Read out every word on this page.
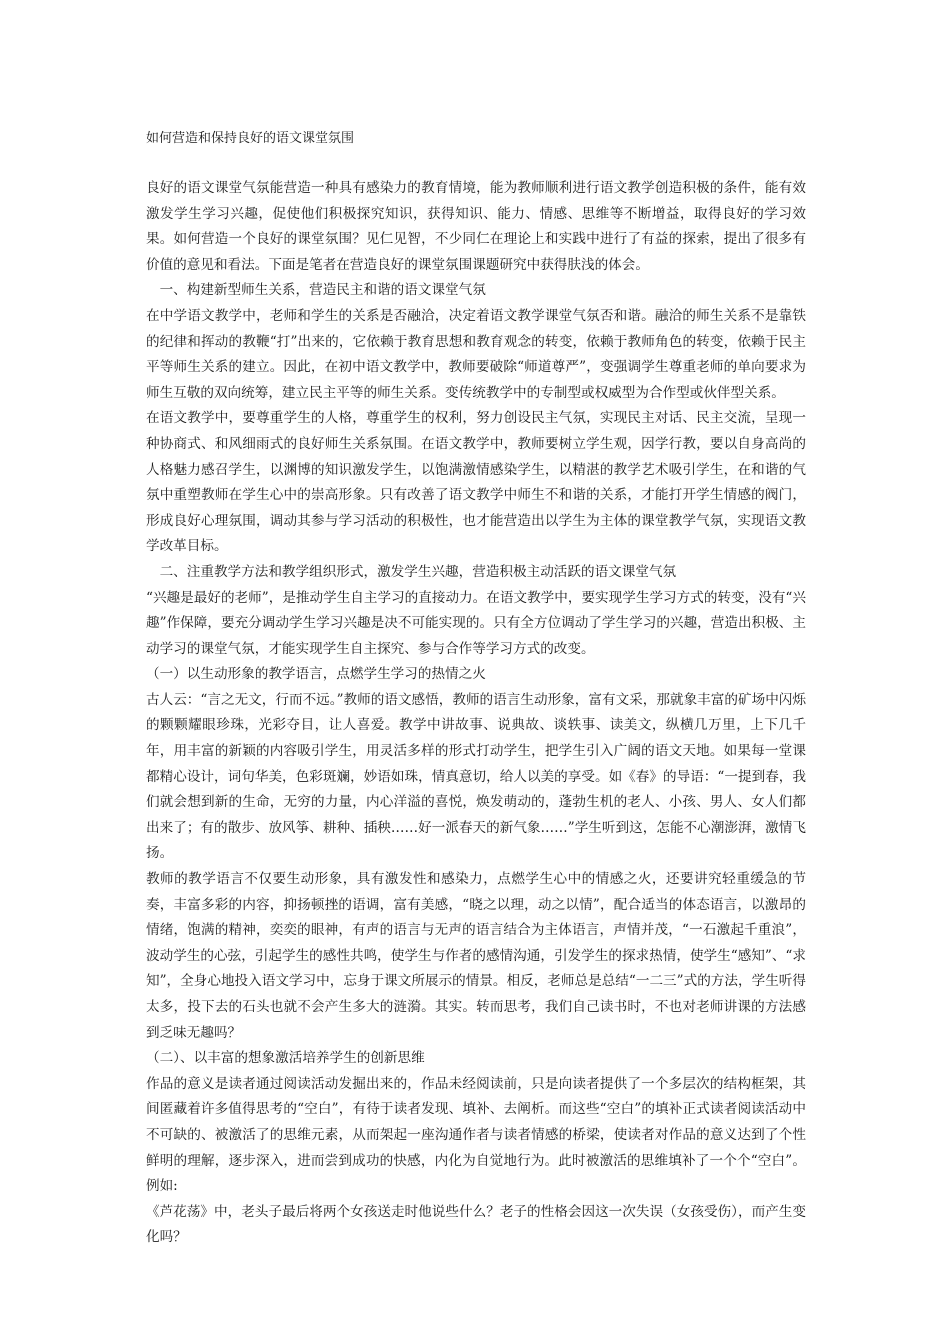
如何营造和保持良好的语文课堂氛围

良好的语文课堂气氛能营造一种具有感染力的教育情境，能为教师顺利进行语文教学创造积极的条件，能有效激发学生学习兴趣，促使他们积极探究知识，获得知识、能力、情感、思维等不断增益，取得良好的学习效果。如何营造一个良好的课堂氛围？见仁见智，不少同仁在理论上和实践中进行了有益的探索，提出了很多有价值的意见和看法。下面是笔者在营造良好的课堂氛围课题研究中获得肤浅的体会。

　一、构建新型师生关系，营造民主和谐的语文课堂气氛

在中学语文教学中，老师和学生的关系是否融洽，决定着语文教学课堂气氛否和谐。融洽的师生关系不是靠铁的纪律和挥动的教鞭“打”出来的，它依赖于教育思想和教育观念的转变，依赖于教师角色的转变，依赖于民主平等师生关系的建立。因此，在初中语文教学中，教师要破除“师道尊严”，变强调学生尊重老师的单向要求为师生互敬的双向统筹，建立民主平等的师生关系。变传统教学中的专制型或权威型为合作型或伙伴型关系。

在语文教学中，要尊重学生的人格，尊重学生的权利，努力创设民主气氛，实现民主对话、民主交流，呈现一种协商式、和风细雨式的良好师生关系氛围。在语文教学中，教师要树立学生观，因学行教，要以自身高尚的人格魅力感召学生，以渊博的知识激发学生，以饱满激情感染学生，以精湛的教学艺术吸引学生，在和谐的气氛中重塑教师在学生心中的崇高形象。只有改善了语文教学中师生不和谐的关系，才能打开学生情感的阀门，形成良好心理氛围，调动其参与学习活动的积极性，也才能营造出以学生为主体的课堂教学气氛，实现语文教学改革目标。

　二、注重教学方法和教学组织形式，激发学生兴趣，营造积极主动活跃的语文课堂气氛

“兴趣是最好的老师”，是推动学生自主学习的直接动力。在语文教学中，要实现学生学习方式的转变，没有“兴趣”作保障，要充分调动学生学习兴趣是决不可能实现的。只有全方位调动了学生学习的兴趣，营造出积极、主动学习的课堂气氛，才能实现学生自主探究、参与合作等学习方式的改变。

（一）以生动形象的教学语言，点燃学生学习的热情之火

古人云：“言之无文，行而不远。”教师的语文感悟，教师的语言生动形象，富有文采，那就象丰富的矿场中闪烁的颗颗耀眼珍珠，光彩夺目，让人喜爱。教学中讲故事、说典故、谈轶事、读美文，纵横几万里，上下几千年，用丰富的新颖的内容吸引学生，用灵活多样的形式打动学生，把学生引入广阔的语文天地。如果每一堂课都精心设计，词句华美，色彩斑斓，妙语如珠，情真意切，给人以美的享受。如《春》的导语：“一提到春，我们就会想到新的生命，无穷的力量，内心洋溢的喜悦，焕发萌动的，蓬勃生机的老人、小孩、男人、女人们都出来了；有的散步、放风筝、耕种、插秧……好一派春天的新气象……”学生听到这，怎能不心潮澎湃，激情飞扬。

教师的教学语言不仅要生动形象，具有激发性和感染力，点燃学生心中的情感之火，还要讲究轻重缓急的节奏，丰富多彩的内容，抑扬顿挫的语调，富有美感，“晓之以理，动之以情”，配合适当的体态语言，以激昂的情绪，饱满的精神，奕奕的眼神，有声的语言与无声的语言结合为主体语言，声情并茂，“一石激起千重浪”，波动学生的心弦，引起学生的感性共鸣，使学生与作者的感情沟通，引发学生的探求热情，使学生“感知”、“求知”，全身心地投入语文学习中，忘身于课文所展示的情景。相反，老师总是总结“一二三”式的方法，学生听得太多，投下去的石头也就不会产生多大的涟漪。其实。转而思考，我们自己读书时，不也对老师讲课的方法感到乏味无趣吗？

（二）、以丰富的想象激活培养学生的创新思维

作品的意义是读者通过阅读活动发掘出来的，作品未经阅读前，只是向读者提供了一个多层次的结构框架，其间匿藏着许多值得思考的“空白”，有待于读者发现、填补、去阐析。而这些“空白”的填补正式读者阅读活动中不可缺的、被激活了的思维元素，从而架起一座沟通作者与读者情感的桥梁，使读者对作品的意义达到了个性鲜明的理解，逐步深入，进而尝到成功的快感，内化为自觉地行为。此时被激活的思维填补了一个个“空白”。例如:

《芦花荡》中，老头子最后将两个女孩送走时他说些什么？老子的性格会因这一次失误（女孩受伤），而产生变化吗？
